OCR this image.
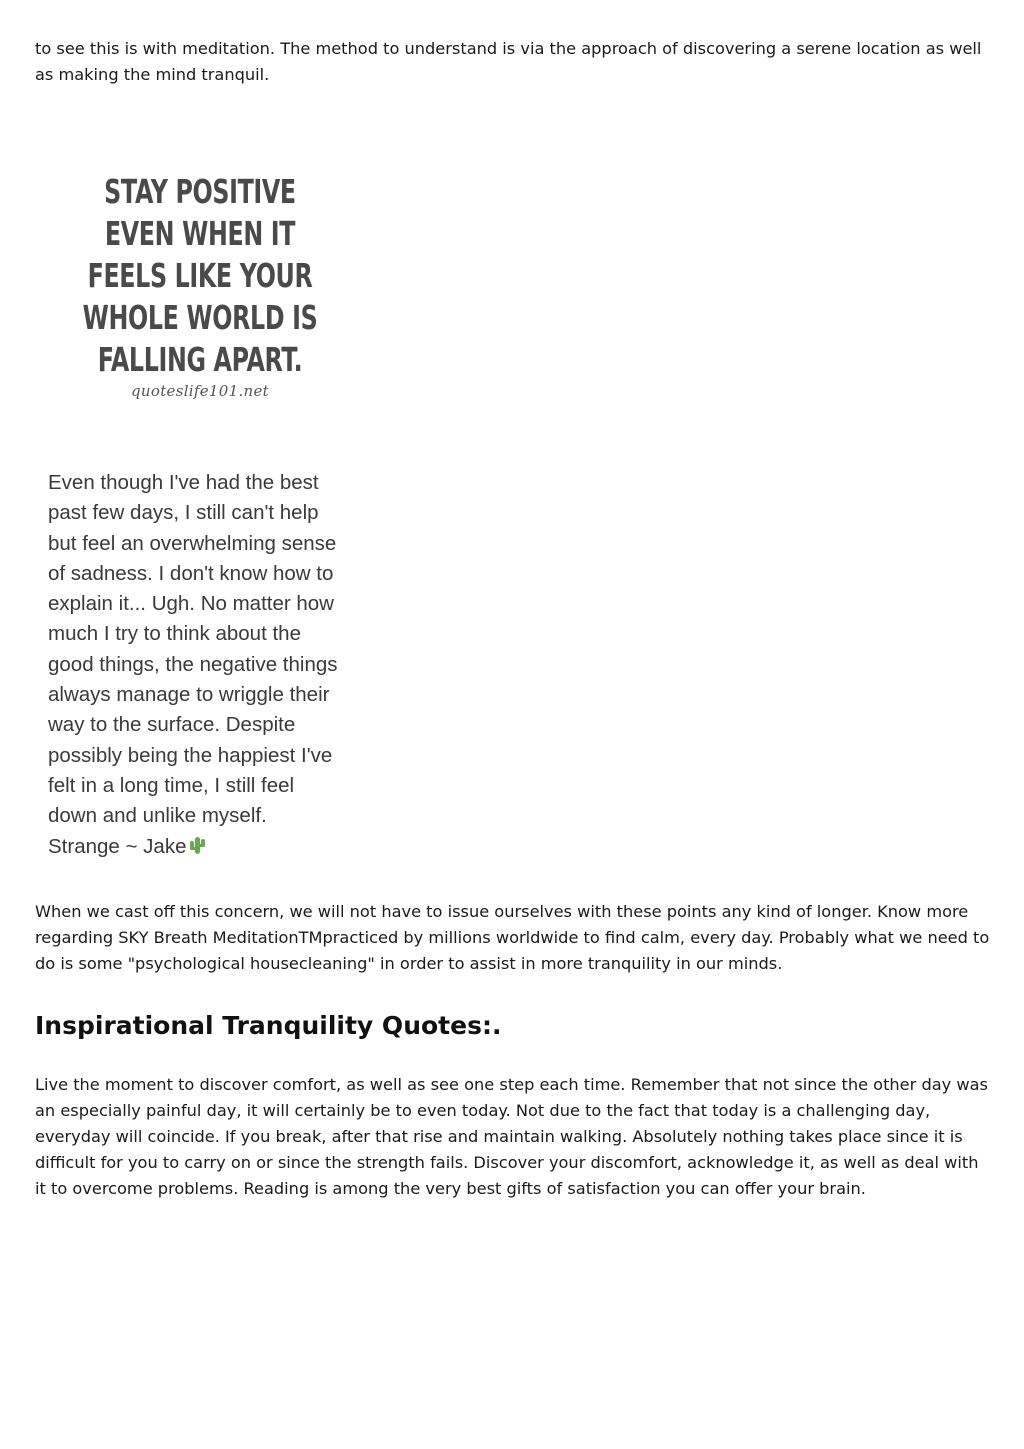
to see this is with meditation. The method to understand is via the approach of discovering a serene location as well as making the mind tranquil.

STAY POSITIVE
EVEN WHEN IT
FEELS LIKE YOUR
WHOLE WORLD IS
FALLING APART.
quoteslife101.net

Even though I've had the best
past few days, I still can't help
but feel an overwhelming sense
of sadness. I don't know how to
explain it... Ugh. No matter how
much I try to think about the
good things, the negative things
always manage to wriggle their
way to the surface. Despite
possibly being the happiest I've
felt in a long time, I still feel
down and unlike myself.
Strange ~ Jake

When we cast off this concern, we will not have to issue ourselves with these points any kind of longer. Know more regarding SKY Breath MeditationTMpracticed by millions worldwide to find calm, every day. Probably what we need to do is some "psychological housecleaning" in order to assist in more tranquility in our minds.

Inspirational Tranquility Quotes:.

Live the moment to discover comfort, as well as see one step each time. Remember that not since the other day was an especially painful day, it will certainly be to even today. Not due to the fact that today is a challenging day, everyday will coincide. If you break, after that rise and maintain walking. Absolutely nothing takes place since it is difficult for you to carry on or since the strength fails. Discover your discomfort, acknowledge it, as well as deal with it to overcome problems. Reading is among the very best gifts of satisfaction you can offer your brain.
